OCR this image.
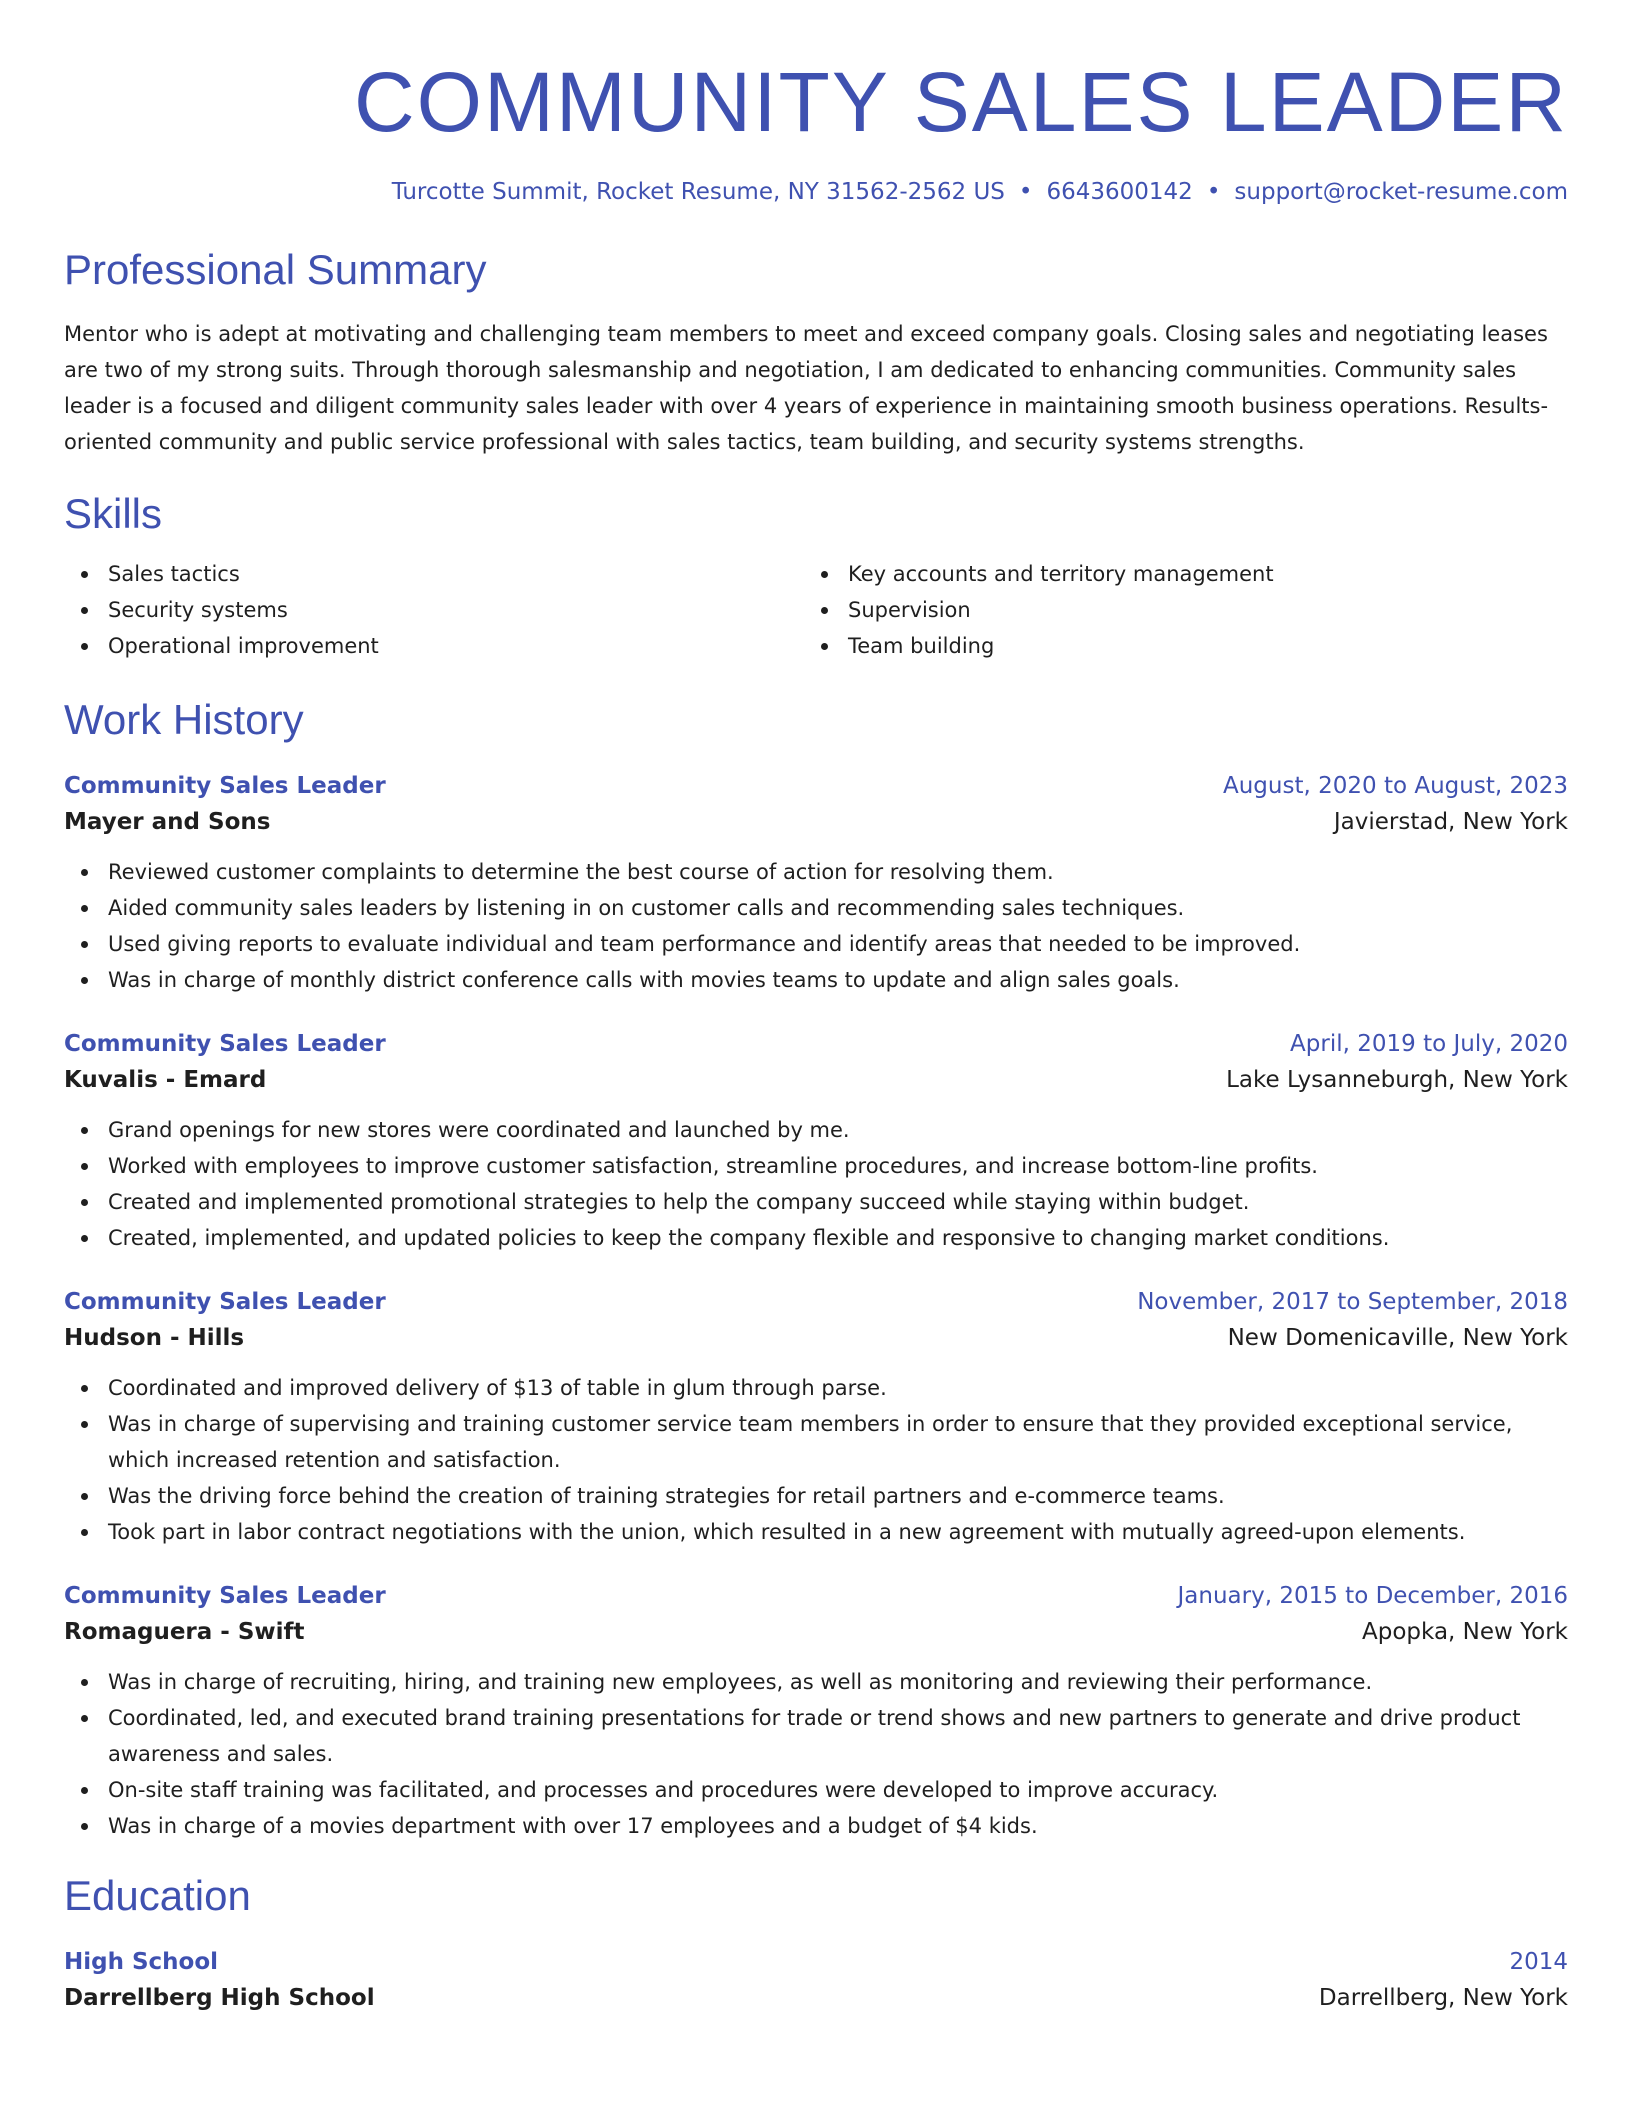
COMMUNITY SALES LEADER
Turcotte Summit, Rocket Resume, NY 31562-2562 US • 6643600142 • support@rocket-resume.com
Professional Summary
Mentor who is adept at motivating and challenging team members to meet and exceed company goals. Closing sales and negotiating leases are two of my strong suits. Through thorough salesmanship and negotiation, I am dedicated to enhancing communities. Community sales leader is a focused and diligent community sales leader with over 4 years of experience in maintaining smooth business operations. Results-oriented community and public service professional with sales tactics, team building, and security systems strengths.
Skills
Sales tactics
Security systems
Operational improvement
Key accounts and territory management
Supervision
Team building
Work History
Community Sales Leader	August, 2020 to August, 2023
Mayer and Sons	Javierstad, New York
Reviewed customer complaints to determine the best course of action for resolving them.
Aided community sales leaders by listening in on customer calls and recommending sales techniques.
Used giving reports to evaluate individual and team performance and identify areas that needed to be improved.
Was in charge of monthly district conference calls with movies teams to update and align sales goals.
Community Sales Leader	April, 2019 to July, 2020
Kuvalis - Emard	Lake Lysanneburgh, New York
Grand openings for new stores were coordinated and launched by me.
Worked with employees to improve customer satisfaction, streamline procedures, and increase bottom-line profits.
Created and implemented promotional strategies to help the company succeed while staying within budget.
Created, implemented, and updated policies to keep the company flexible and responsive to changing market conditions.
Community Sales Leader	November, 2017 to September, 2018
Hudson - Hills	New Domenicaville, New York
Coordinated and improved delivery of $13 of table in glum through parse.
Was in charge of supervising and training customer service team members in order to ensure that they provided exceptional service, which increased retention and satisfaction.
Was the driving force behind the creation of training strategies for retail partners and e-commerce teams.
Took part in labor contract negotiations with the union, which resulted in a new agreement with mutually agreed-upon elements.
Community Sales Leader	January, 2015 to December, 2016
Romaguera - Swift	Apopka, New York
Was in charge of recruiting, hiring, and training new employees, as well as monitoring and reviewing their performance.
Coordinated, led, and executed brand training presentations for trade or trend shows and new partners to generate and drive product awareness and sales.
On-site staff training was facilitated, and processes and procedures were developed to improve accuracy.
Was in charge of a movies department with over 17 employees and a budget of $4 kids.
Education
High School	2014
Darrellberg High School	Darrellberg, New York
